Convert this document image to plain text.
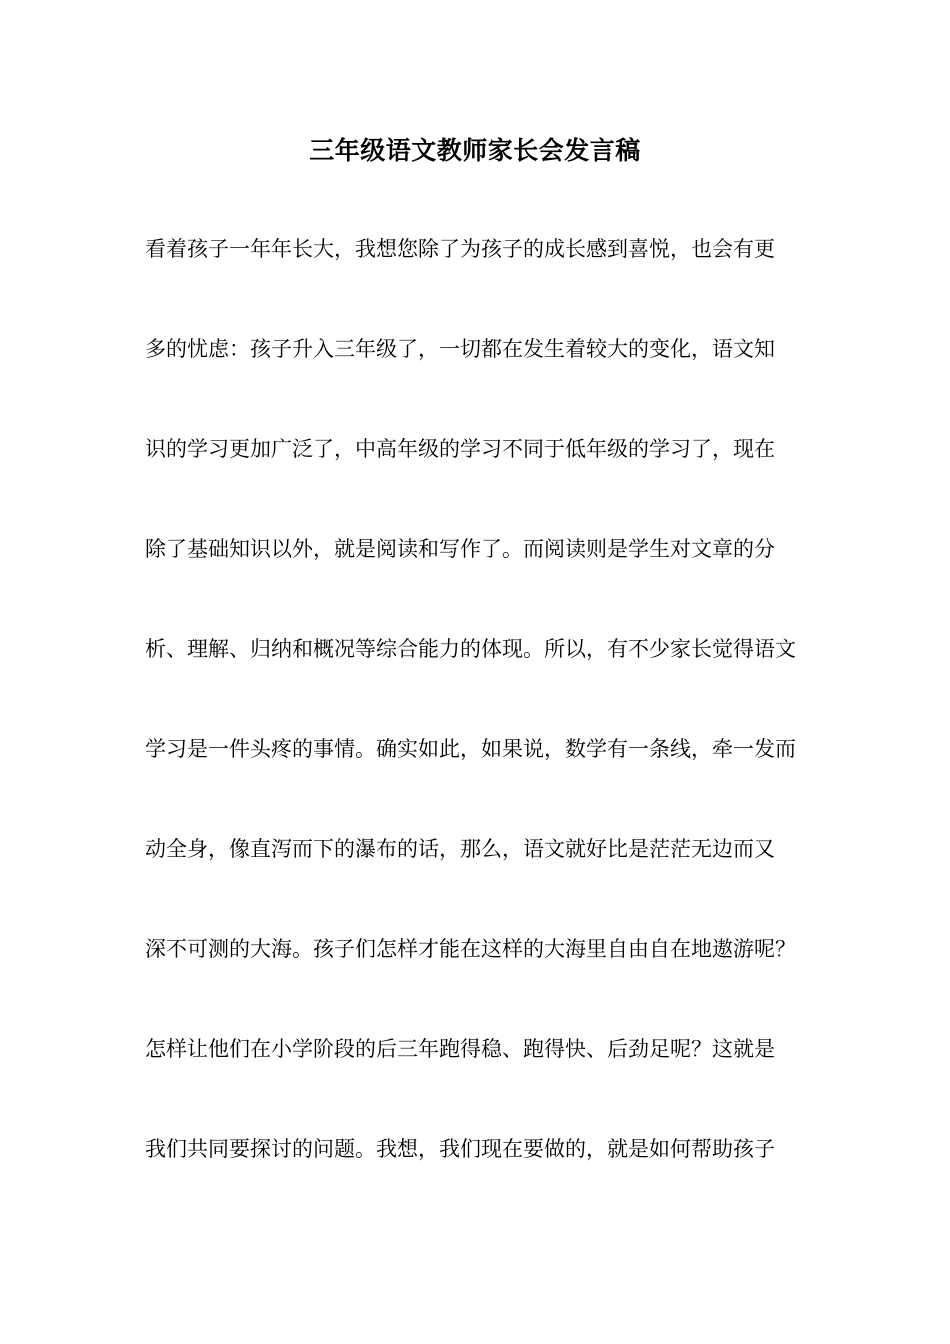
三年级语文教师家长会发言稿
看着孩子一年年长大，我想您除了为孩子的成长感到喜悦，也会有更
多的忧虑：孩子升入三年级了，一切都在发生着较大的变化，语文知
识的学习更加广泛了，中高年级的学习不同于低年级的学习了，现在
除了基础知识以外，就是阅读和写作了。而阅读则是学生对文章的分
析、理解、归纳和概况等综合能力的体现。所以，有不少家长觉得语文
学习是一件头疼的事情。确实如此，如果说，数学有一条线，牵一发而
动全身，像直泻而下的瀑布的话，那么，语文就好比是茫茫无边而又
深不可测的大海。孩子们怎样才能在这样的大海里自由自在地遨游呢？
怎样让他们在小学阶段的后三年跑得稳、跑得快、后劲足呢？这就是
我们共同要探讨的问题。我想，我们现在要做的，就是如何帮助孩子
